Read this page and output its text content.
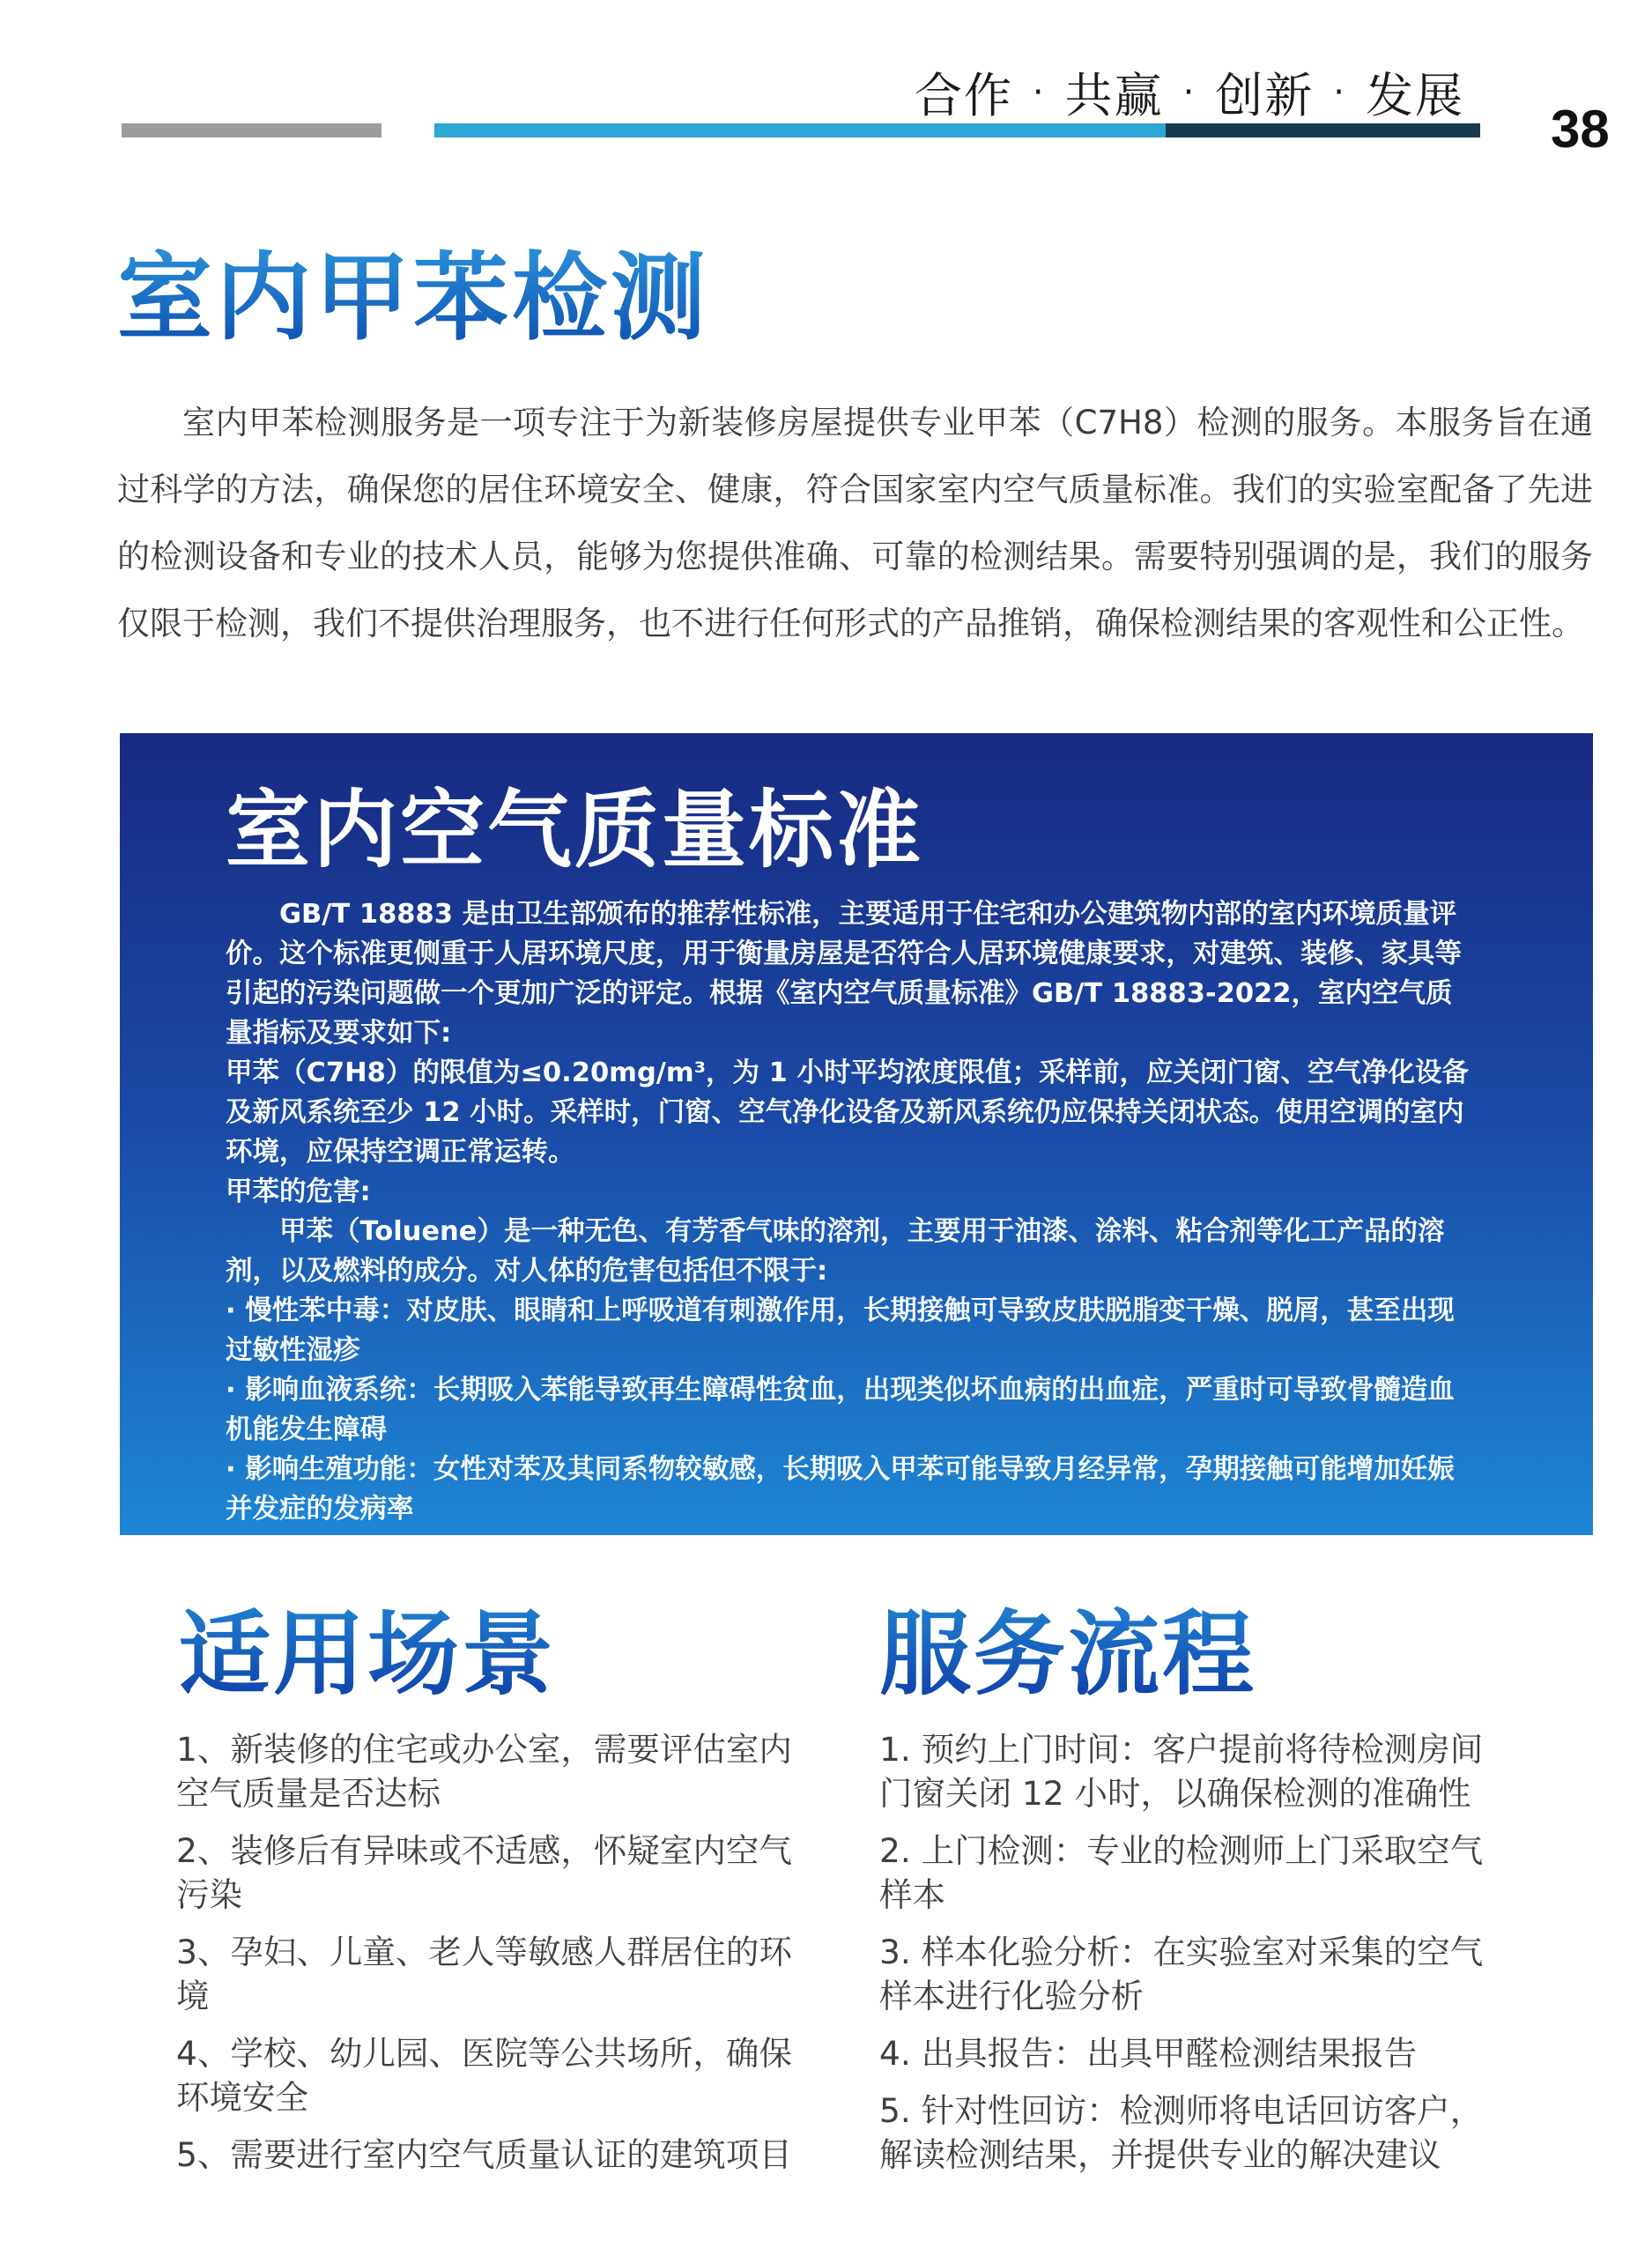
合作 · 共赢 · 创新 · 发展
38
室内甲苯检测

室内甲苯检测服务是一项专注于为新装修房屋提供专业甲苯（C7H8）检测的服务。本服务旨在通过科学的方法，确保您的居住环境安全、健康，符合国家室内空气质量标准。我们的实验室配备了先进的检测设备和专业的技术人员，能够为您提供准确、可靠的检测结果。需要特别强调的是，我们的服务仅限于检测，我们不提供治理服务，也不进行任何形式的产品推销，确保检测结果的客观性和公正性。

室内空气质量标准

GB/T 18883 是由卫生部颁布的推荐性标准，主要适用于住宅和办公建筑物内部的室内环境质量评价。这个标准更侧重于人居环境尺度，用于衡量房屋是否符合人居环境健康要求，对建筑、装修、家具等引起的污染问题做一个更加广泛的评定。根据《室内空气质量标准》GB/T 18883-2022，室内空气质量指标及要求如下:

甲苯（C7H8）的限值为≤0.20mg/m³，为 1 小时平均浓度限值；采样前，应关闭门窗、空气净化设备及新风系统至少 12 小时。采样时，门窗、空气净化设备及新风系统仍应保持关闭状态。使用空调的室内环境，应保持空调正常运转。

甲苯的危害:

甲苯（Toluene）是一种无色、有芳香气味的溶剂，主要用于油漆、涂料、粘合剂等化工产品的溶剂，以及燃料的成分。对人体的危害包括但不限于:

· 慢性苯中毒：对皮肤、眼睛和上呼吸道有刺激作用，长期接触可导致皮肤脱脂变干燥、脱屑，甚至出现过敏性湿疹

· 影响血液系统：长期吸入苯能导致再生障碍性贫血，出现类似坏血病的出血症，严重时可导致骨髓造血机能发生障碍

· 影响生殖功能：女性对苯及其同系物较敏感，长期吸入甲苯可能导致月经异常，孕期接触可能增加妊娠并发症的发病率

适用场景
1、新装修的住宅或办公室，需要评估室内空气质量是否达标
2、装修后有异味或不适感，怀疑室内空气污染
3、孕妇、儿童、老人等敏感人群居住的环境
4、学校、幼儿园、医院等公共场所，确保环境安全
5、需要进行室内空气质量认证的建筑项目
服务流程
1. 预约上门时间：客户提前将待检测房间门窗关闭 12 小时，以确保检测的准确性
2. 上门检测：专业的检测师上门采取空气样本
3. 样本化验分析：在实验室对采集的空气样本进行化验分析
4. 出具报告：出具甲醛检测结果报告
5. 针对性回访：检测师将电话回访客户，解读检测结果，并提供专业的解决建议
